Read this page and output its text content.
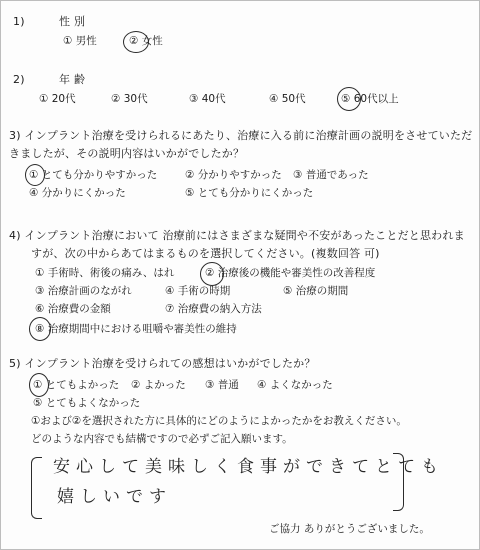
1)	性別
① 男性	② 女性
2)	年齢
① 20代	② 30代	③ 40代	④ 50代	⑤ 60代以上
3) インプラント治療を受けられるにあたり、治療に入る前に治療計画の説明をさせていただ
きましたが、その説明内容はいかがでしたか？
① とても分かりやすかった	② 分かりやすかった ③ 普通であった
④ 分かりにくかった	⑤ とても分かりにくかった
4) インプラント治療において 治療前にはさまざまな疑問や不安があったことだと思われま
すが、次の中からあてはまるものを選択してください。(複数回答 可)
① 手術時、術後の痛み、はれ	② 治療後の機能や審美性の改善程度
③ 治療計画のながれ	④ 手術の時期	⑤ 治療の期間
⑥ 治療費の金額	⑦ 治療費の納入方法
⑧ 治療期間中における咀嚼や審美性の維持
5) インプラント治療を受けられての感想はいかがでしたか？
① とてもよかった ② よかった ③ 普通 ④ よくなかった
⑤ とてもよくなかった
①および②を選択された方に具体的にどのようによかったかをお教えください。
どのような内容でも結構ですので必ずご記入願います。
安心して美味しく食事ができてとても
嬉しいです
ご協力 ありがとうございました。
